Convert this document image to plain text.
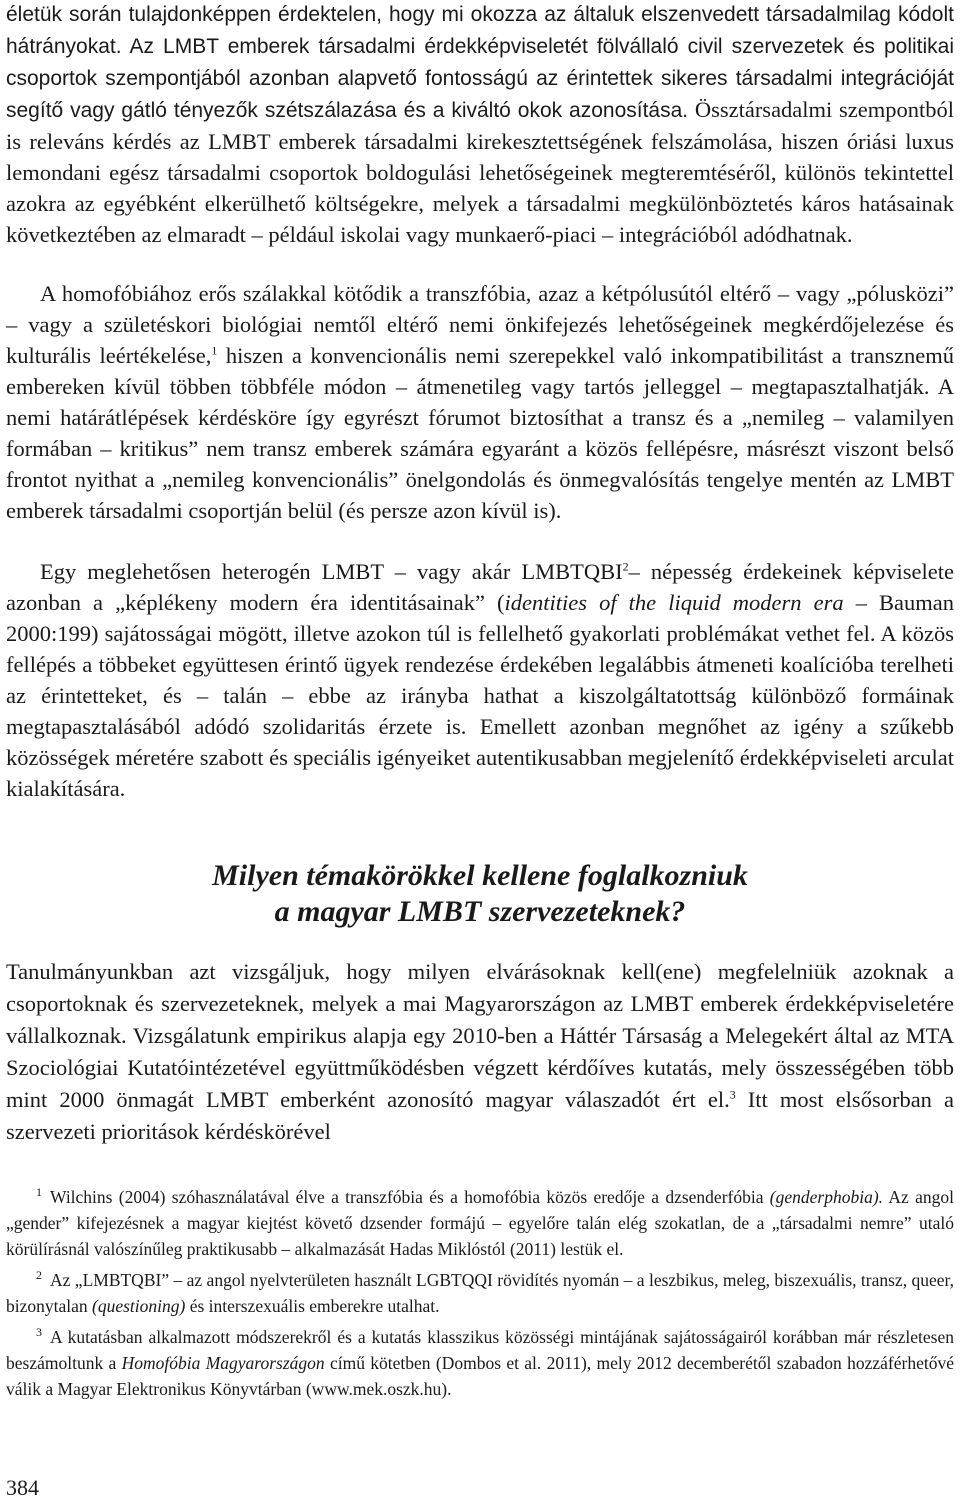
életük során tulajdonképpen érdektelen, hogy mi okozza az általuk elszenvedett társadalmilag kódolt hátrányokat. Az LMBT emberek társadalmi érdekképviseletét fölvállaló civil szervezetek és politikai csoportok szempontjából azonban alapvető fontosságú az érintettek sikeres társadalmi integrációját segítő vagy gátló tényezők szétszálazása és a kiváltó okok azonosítása. Össztársadalmi szempontból is releváns kérdés az LMBT emberek társadalmi kirekesztettségének felszámolása, hiszen óriási luxus lemondani egész társadalmi csoportok boldogulási lehetőségeinek megteremtéséről, különös tekintettel azokra az egyébként elkerülhető költségekre, melyek a társadalmi megkülönböztetés káros hatásainak következtében az elmaradt – például iskolai vagy munkaerő-piaci – integrációból adódhatnak.

A homofóbiához erős szálakkal kötődik a transzfóbia, azaz a kétpólusútól eltérő – vagy „pólusközi” – vagy a születéskori biológiai nemtől eltérő nemi önkifejezés lehetőségeinek megkérdőjelezése és kulturális leértékelése,$^1$ hiszen a konvencionális nemi szerepekkel való inkompatibilitást a transznemű embereken kívül többen többféle módon – átmenetileg vagy tartós jelleggel – megtapasztalhatják. A nemi határátlépések kérdésköre így egyrészt fórumot biztosíthat a transz és a „nemileg – valamilyen formában – kritikus” nem transz emberek számára egyaránt a közös fellépésre, másrészt viszont belső frontot nyithat a „nemileg konvencionális” önelgondolás és önmegvalósítás tengelye mentén az LMBT emberek társadalmi csoportján belül (és persze azon kívül is).

Egy meglehetősen heterogén LMBT – vagy akár LMBTQBI$^2$– népesség érdekeinek képviselete azonban a „képlékeny modern éra identitásainak” (identities of the liquid modern era – Bauman 2000:199) sajátosságai mögött, illetve azokon túl is fellelhető gyakorlati problémákat vethet fel. A közös fellépés a többeket együttesen érintő ügyek rendezése érdekében legalábbis átmeneti koalícióba terelheti az érintetteket, és – talán – ebbe az irányba hathat a kiszolgáltatottság különböző formáinak megtapasztalásából adódó szolidaritás érzete is. Emellett azonban megnőhet az igény a szűkebb közösségek méretére szabott és speciális igényeiket autentikusabban megjelenítő érdekképviseleti arculat kialakítására.

Milyen témakörökkel kellene foglalkozniuk
a magyar LMBT szervezeteknek?

Tanulmányunkban azt vizsgáljuk, hogy milyen elvárásoknak kell(ene) megfelelniük azoknak a csoportoknak és szervezeteknek, melyek a mai Magyarországon az LMBT emberek érdekképviseletére vállalkoznak. Vizsgálatunk empirikus alapja egy 2010-ben a Háttér Társaság a Melegekért által az MTA Szociológiai Kutatóintézetével együttműködésben végzett kérdőíves kutatás, mely összességében több mint 2000 önmagát LMBT emberként azonosító magyar válaszadót ért el.$^3$ Itt most elsősorban a szervezeti prioritások kérdéskörével

$^1$ Wilchins (2004) szóhasználatával élve a transzfóbia és a homofóbia közös eredője a dzsenderfóbia (genderphobia). Az angol „gender” kifejezésnek a magyar kiejtést követő dzsender formájú – egyelőre talán elég szokatlan, de a „társadalmi nemre” utaló körülírásnál valószínűleg praktikusabb – alkalmazását Hadas Miklóstól (2011) lestük el.

$^2$ Az „LMBTQBI” – az angol nyelvterületen használt LGBTQQI rövidítés nyomán – a leszbikus, meleg, biszexuális, transz, queer, bizonytalan (questioning) és interszexuális emberekre utalhat.

$^3$ A kutatásban alkalmazott módszerekről és a kutatás klasszikus közösségi mintájának sajátosságairól korábban már részletesen beszámoltunk a Homofóbia Magyarországon című kötetben (Dombos et al. 2011), mely 2012 decemberétől szabadon hozzáférhetővé válik a Magyar Elektronikus Könyvtárban (www.mek.oszk.hu).

384
